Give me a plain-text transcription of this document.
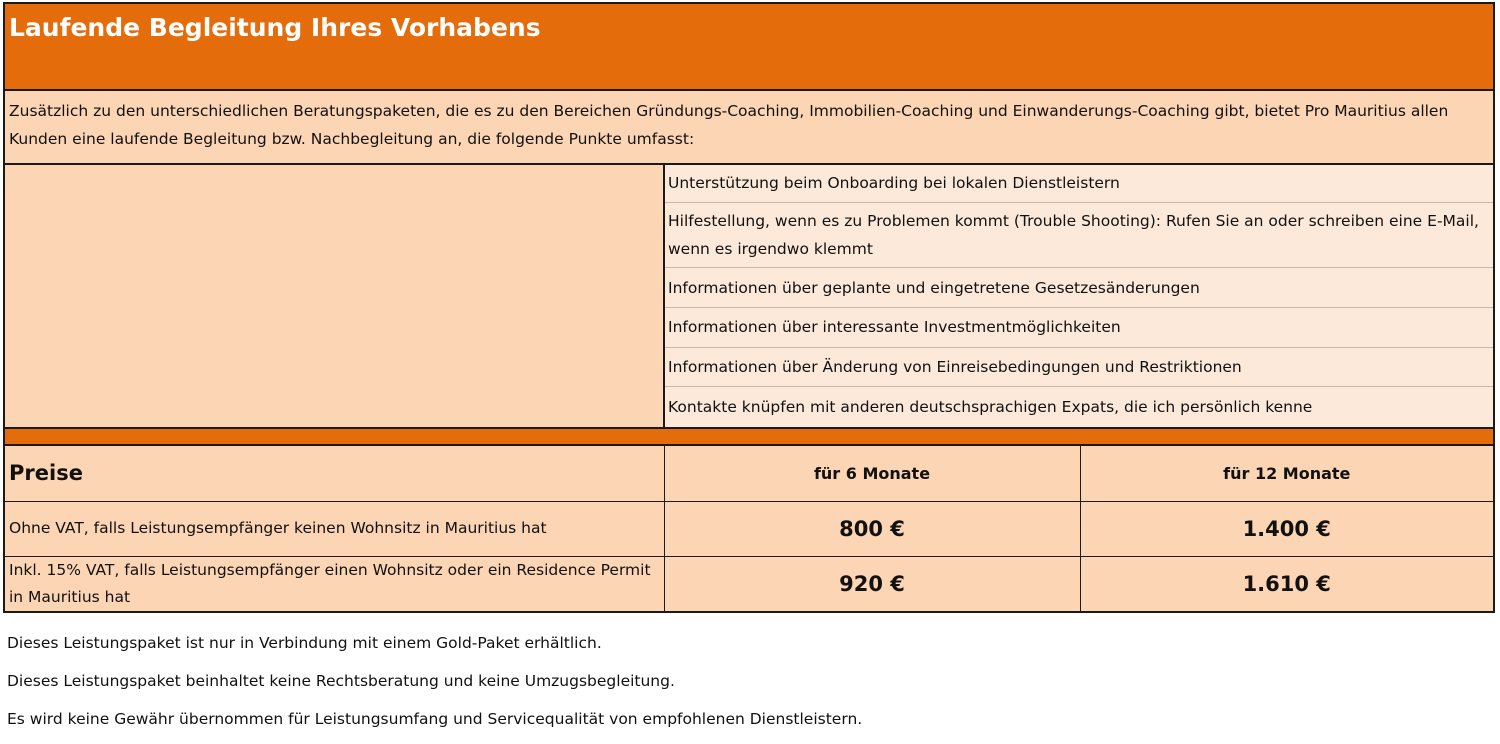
Laufende Begleitung Ihres Vorhabens
Zusätzlich zu den unterschiedlichen Beratungspaketen, die es zu den Bereichen Gründungs-Coaching, Immobilien-Coaching und Einwanderungs-Coaching gibt, bietet Pro Mauritius allen Kunden eine laufende Begleitung bzw. Nachbegleitung an, die folgende Punkte umfasst:
Unterstützung beim Onboarding bei lokalen Dienstleistern
Hilfestellung, wenn es zu Problemen kommt (Trouble Shooting): Rufen Sie an oder schreiben eine E-Mail, wenn es irgendwo klemmt
Informationen über geplante und eingetretene Gesetzesänderungen
Informationen über interessante Investmentmöglichkeiten
Informationen über Änderung von Einreisebedingungen und Restriktionen
Kontakte knüpfen mit anderen deutschsprachigen Expats, die ich persönlich kenne
Preise	für 6 Monate	für 12 Monate
Ohne VAT, falls Leistungsempfänger keinen Wohnsitz in Mauritius hat	800 €	1.400 €
Inkl. 15% VAT, falls Leistungsempfänger einen Wohnsitz oder ein Residence Permit in Mauritius hat	920 €	1.610 €

Dieses Leistungspaket ist nur in Verbindung mit einem Gold-Paket erhältlich.

Dieses Leistungspaket beinhaltet keine Rechtsberatung und keine Umzugsbegleitung.

Es wird keine Gewähr übernommen für Leistungsumfang und Servicequalität von empfohlenen Dienstleistern.
